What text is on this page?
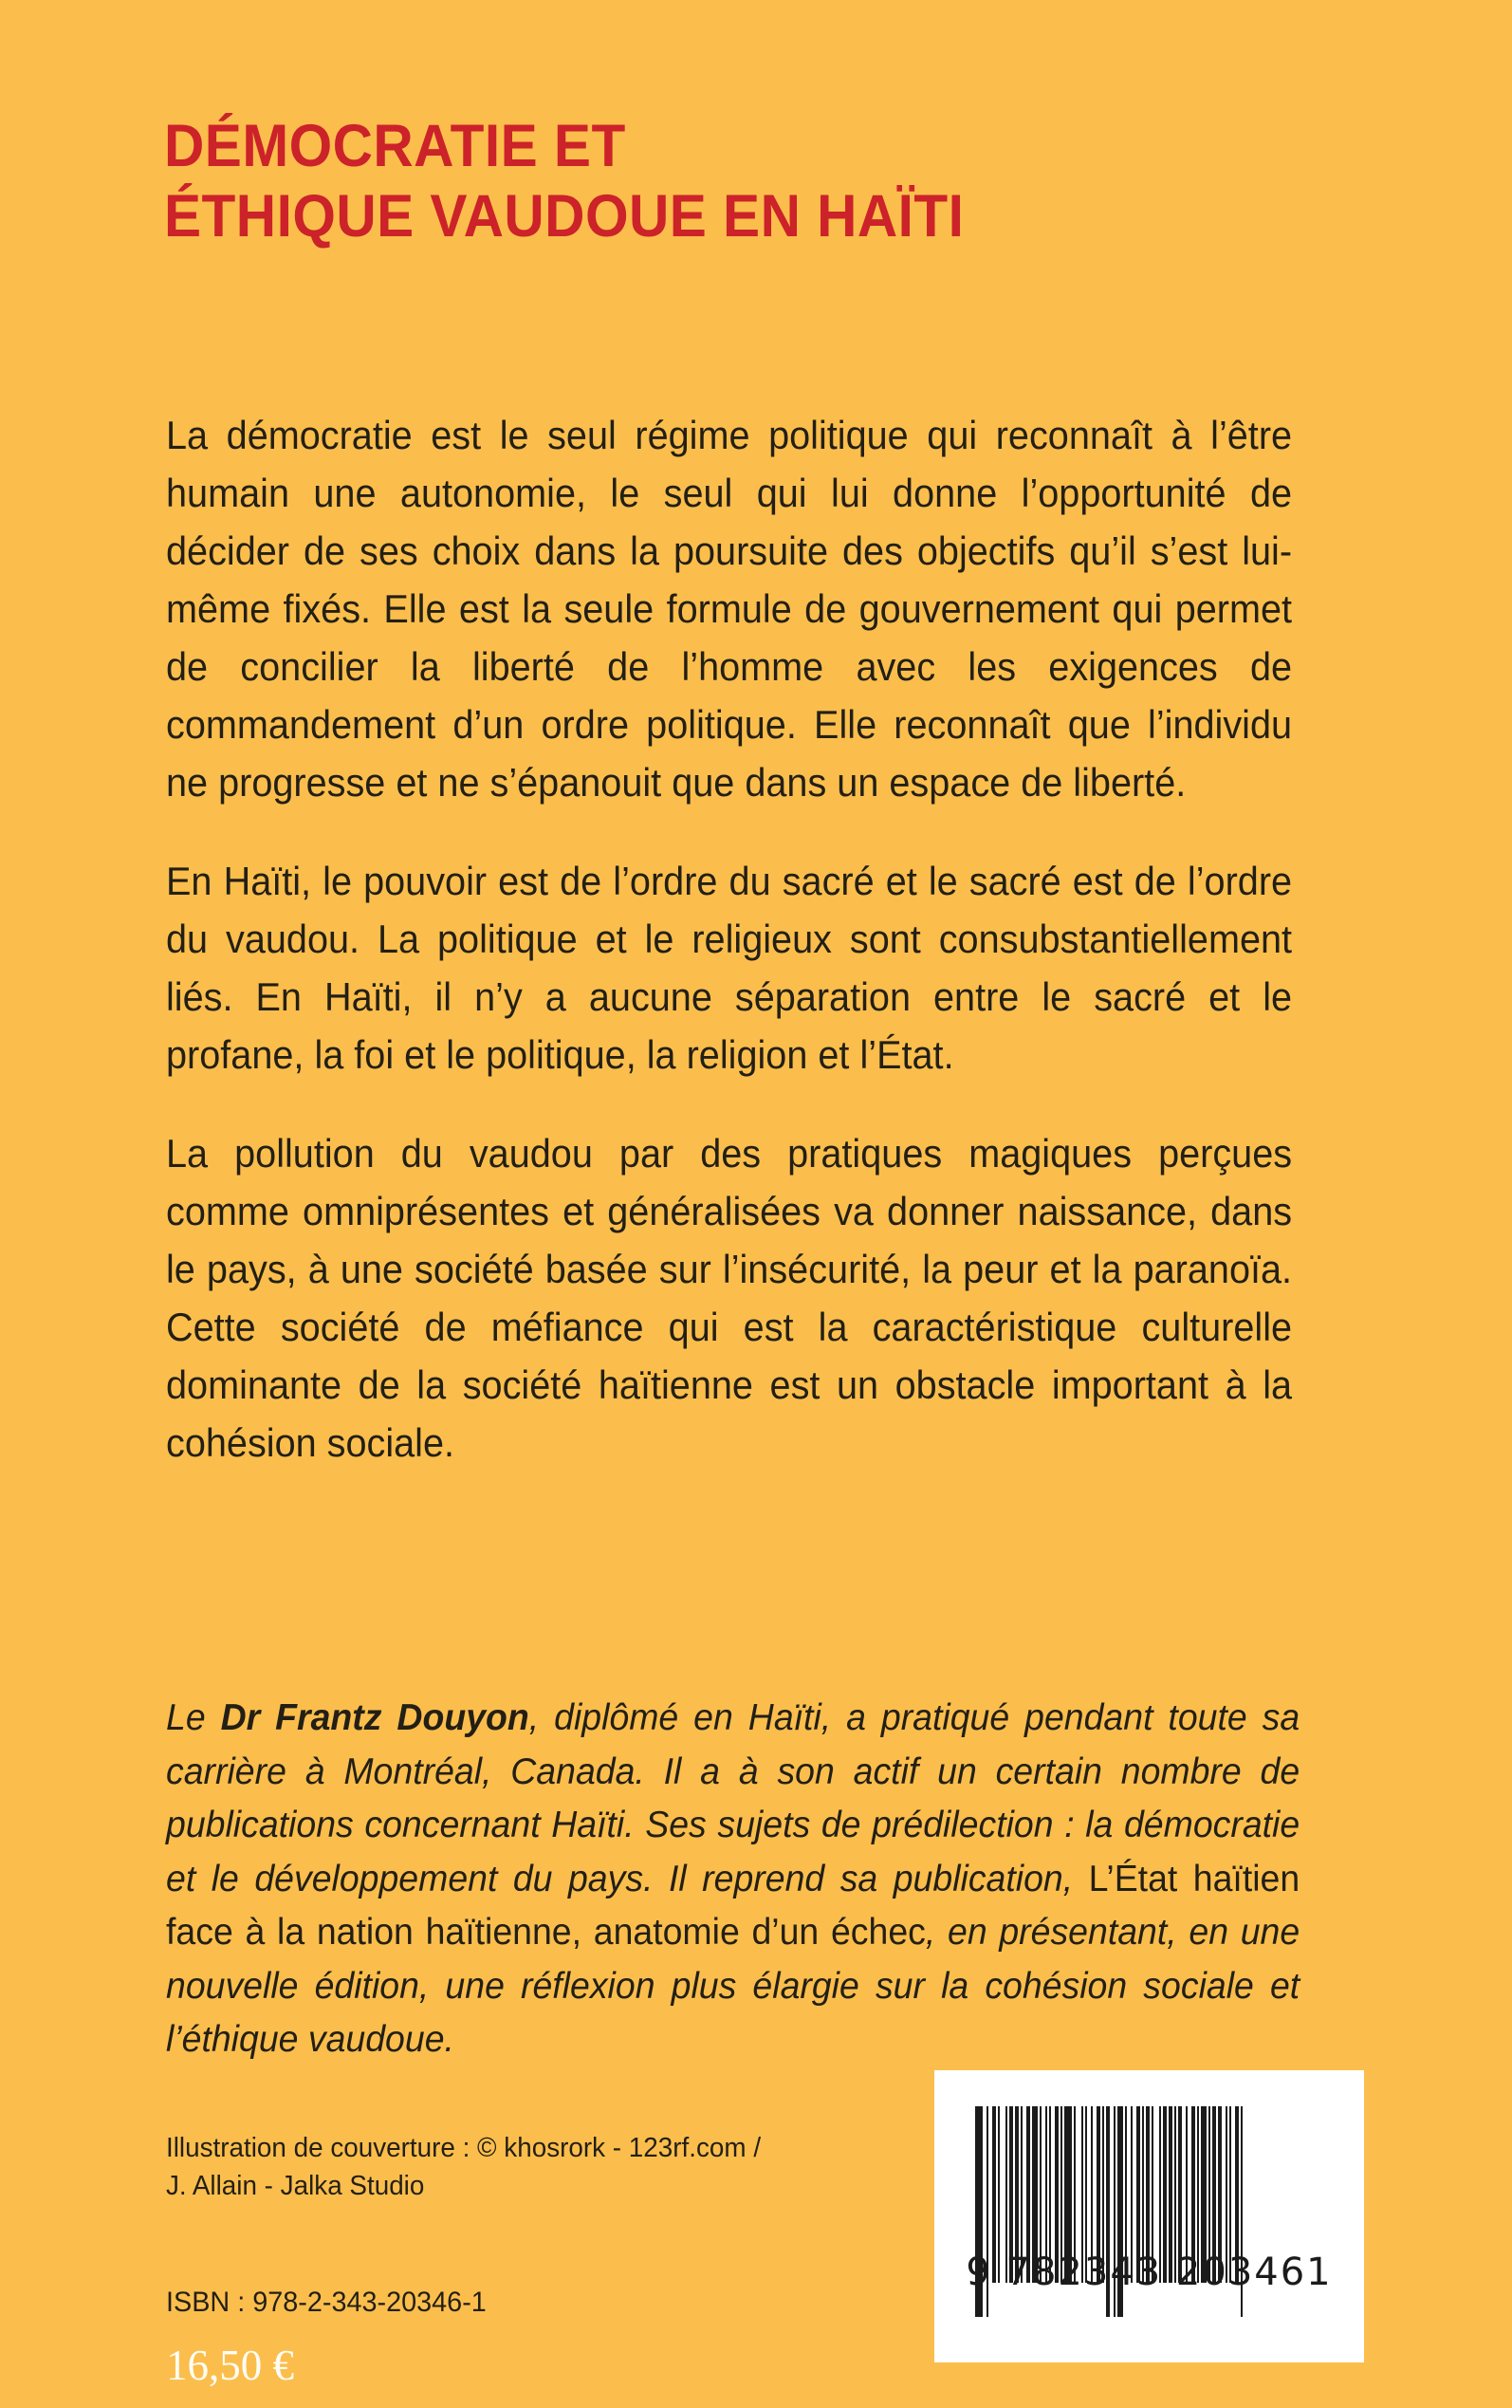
DÉMOCRATIE ET
ÉTHIQUE VAUDOUE EN HAÏTI

La démocratie est le seul régime politique qui reconnaît à l’être humain une autonomie, le seul qui lui donne l’opportunité de décider de ses choix dans la poursuite des objectifs qu’il s’est lui-même fixés. Elle est la seule formule de gouvernement qui permet de concilier la liberté de l’homme avec les exigences de commandement d’un ordre politique. Elle reconnaît que l’individu ne progresse et ne s’épanouit que dans un espace de liberté.

En Haïti, le pouvoir est de l’ordre du sacré et le sacré est de l’ordre du vaudou. La politique et le religieux sont consubstantiellement liés. En Haïti, il n’y a aucune séparation entre le sacré et le profane, la foi et le politique, la religion et l’État.

La pollution du vaudou par des pratiques magiques perçues comme omniprésentes et généralisées va donner naissance, dans le pays, à une société basée sur l’insécurité, la peur et la paranoïa. Cette société de méfiance qui est la caractéristique culturelle dominante de la société haïtienne est un obstacle important à la cohésion sociale.

Le Dr Frantz Douyon, diplômé en Haïti, a pratiqué pendant toute sa carrière à Montréal, Canada. Il a à son actif un certain nombre de publications concernant Haïti. Ses sujets de prédilection : la démocratie et le développement du pays. Il reprend sa publication, L’État haïtien face à la nation haïtienne, anatomie d’un échec, en présentant, en une nouvelle édition, une réflexion plus élargie sur la cohésion sociale et l’éthique vaudoue.

Illustration de couverture : © khosrork - 123rf.com /
J. Allain - Jalka Studio

ISBN : 978-2-343-20346-1

16,50 €

9 782343 203461
